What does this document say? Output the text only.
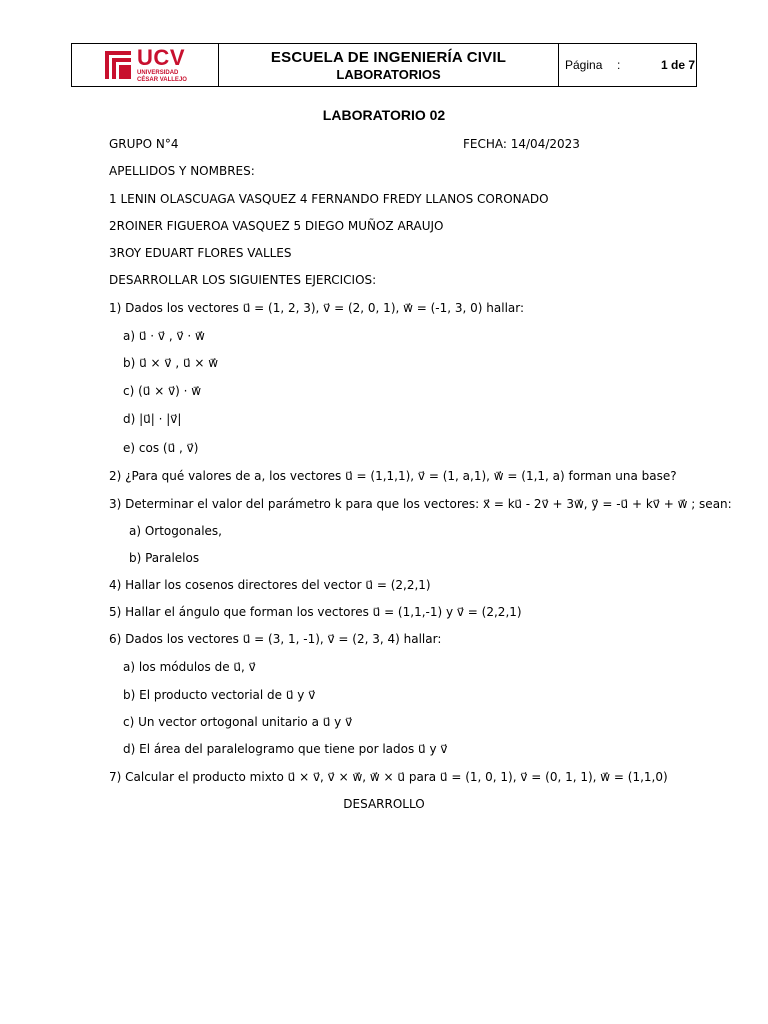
UCV
UNIVERSIDAD
CÉSAR VALLEJO
ESCUELA DE INGENIERÍA CIVIL
LABORATORIOS
Página	:	1 de 7
LABORATORIO 02
GRUPO N°4	FECHA: 14/04/2023
APELLIDOS Y NOMBRES:
1 LENIN OLASCUAGA VASQUEZ 4 FERNANDO FREDY LLANOS CORONADO
2ROINER FIGUEROA VASQUEZ 5 DIEGO MUÑOZ ARAUJO
3ROY EDUART FLORES VALLES
DESARROLLAR LOS SIGUIENTES EJERCICIOS:
1) Dados los vectores u⃗ = (1, 2, 3), v⃗ = (2, 0, 1), w⃗ = (-1, 3, 0) hallar:
a) u⃗ · v⃗ , v⃗ · w⃗
b) u⃗ × v⃗ , u⃗ × w⃗
c) (u⃗ × v⃗) · w⃗
d) |u⃗| · |v⃗|
e) cos (u⃗ , v⃗)
2) ¿Para qué valores de a, los vectores u⃗ = (1,1,1), v⃗ = (1, a,1), w⃗ = (1,1, a) forman una base?
3) Determinar el valor del parámetro k para que los vectores: x⃗ = ku⃗ - 2v⃗ + 3w⃗, y⃗ = -u⃗ + kv⃗ + w⃗ ; sean:
a) Ortogonales,
b) Paralelos
4) Hallar los cosenos directores del vector u⃗ = (2,2,1)
5) Hallar el ángulo que forman los vectores u⃗ = (1,1,-1) y v⃗ = (2,2,1)
6) Dados los vectores u⃗ = (3, 1, -1), v⃗ = (2, 3, 4) hallar:
a) los módulos de u⃗, v⃗
b) El producto vectorial de u⃗ y v⃗
c) Un vector ortogonal unitario a u⃗ y v⃗
d) El área del paralelogramo que tiene por lados u⃗ y v⃗
7) Calcular el producto mixto u⃗ × v⃗, v⃗ × w⃗, w⃗ × u⃗ para u⃗ = (1, 0, 1), v⃗ = (0, 1, 1), w⃗ = (1,1,0)
DESARROLLO
